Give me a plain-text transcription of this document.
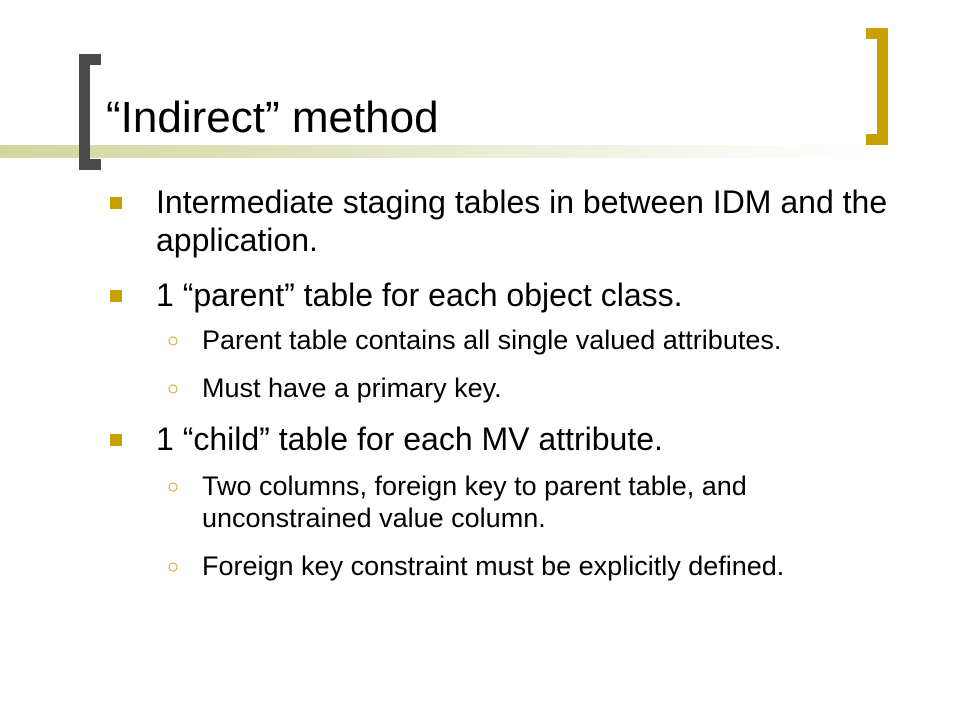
“Indirect” method
Intermediate staging tables in between IDM and the application.
1 “parent” table for each object class.
○ Parent table contains all single valued attributes.
○ Must have a primary key.
1 “child” table for each MV attribute.
○ Two columns, foreign key to parent table, and unconstrained value column.
○ Foreign key constraint must be explicitly defined.
